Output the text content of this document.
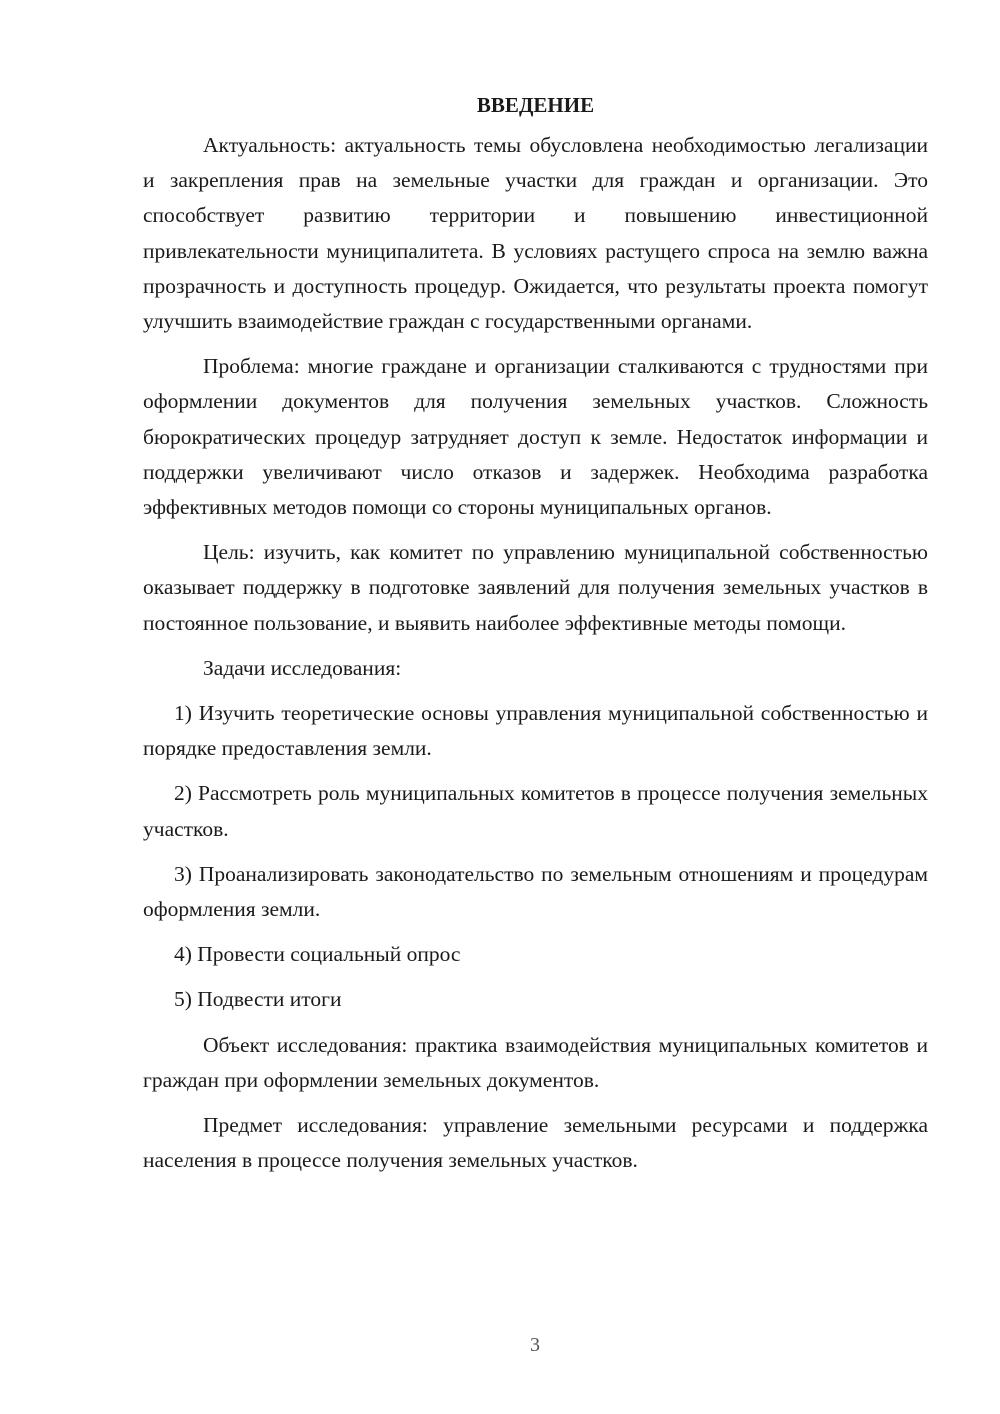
ВВЕДЕНИЕ

Актуальность: актуальность темы обусловлена необходимостью легализации и закрепления прав на земельные участки для граждан и организации. Это способствует развитию территории и повышению инвестиционной привлекательности муниципалитета. В условиях растущего спроса на землю важна прозрачность и доступность процедур. Ожидается, что результаты проекта помогут улучшить взаимодействие граждан с государственными органами.

Проблема: многие граждане и организации сталкиваются с трудностями при оформлении документов для получения земельных участков. Сложность бюрократических процедур затрудняет доступ к земле. Недостаток информации и поддержки увеличивают число отказов и задержек. Необходима разработка эффективных методов помощи со стороны муниципальных органов.

Цель: изучить, как комитет по управлению муниципальной собственностью оказывает поддержку в подготовке заявлений для получения земельных участков в постоянное пользование, и выявить наиболее эффективные методы помощи.

Задачи исследования:

1) Изучить теоретические основы управления муниципальной собственностью и порядке предоставления земли.

2) Рассмотреть роль муниципальных комитетов в процессе получения земельных участков.

3) Проанализировать законодательство по земельным отношениям и процедурам оформления земли.

4) Провести социальный опрос

5) Подвести итоги

Объект исследования: практика взаимодействия муниципальных комитетов и граждан при оформлении земельных документов.

Предмет исследования: управление земельными ресурсами и поддержка населения в процессе получения земельных участков.

3
